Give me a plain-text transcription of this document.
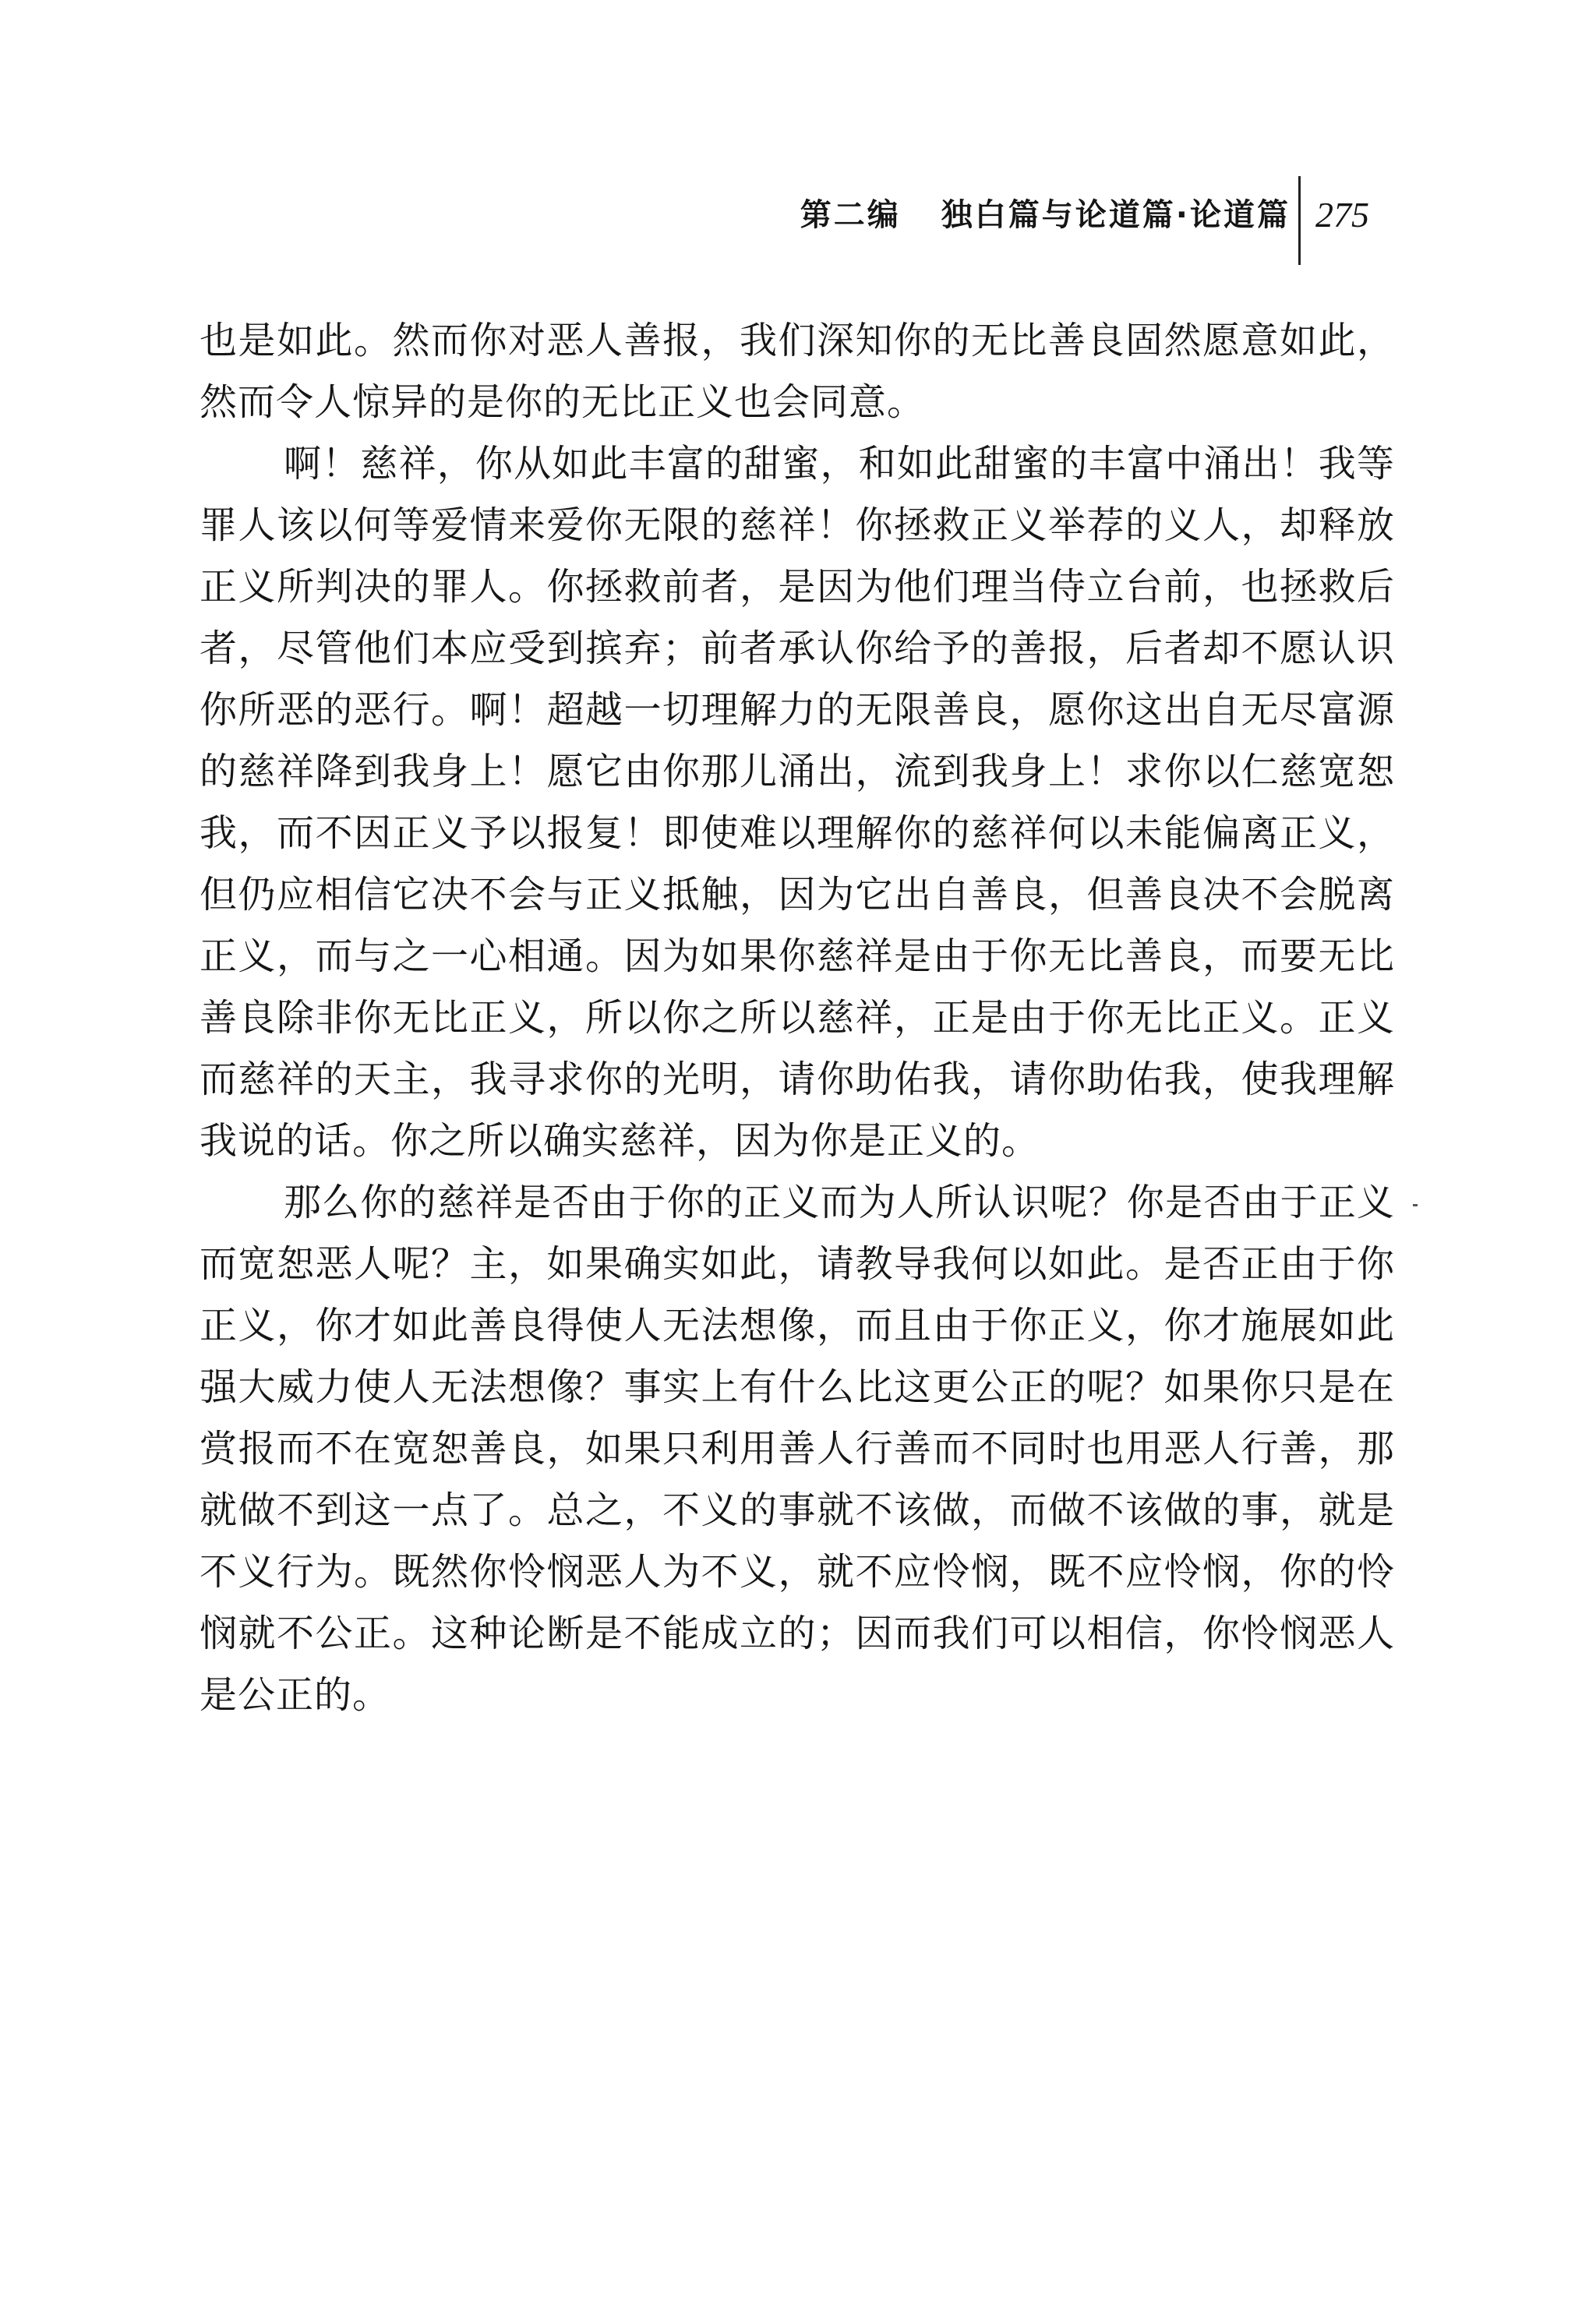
第二编 独白篇与论道篇·论道篇 275

也是如此。然而你对恶人善报，我们深知你的无比善良固然愿意如此，然而令人惊异的是你的无比正义也会同意。

啊！慈祥，你从如此丰富的甜蜜，和如此甜蜜的丰富中涌出！我等罪人该以何等爱情来爱你无限的慈祥！你拯救正义举荐的义人，却释放正义所判决的罪人。你拯救前者，是因为他们理当侍立台前，也拯救后者，尽管他们本应受到摈弃；前者承认你给予的善报，后者却不愿认识你所恶的恶行。啊！超越一切理解力的无限善良，愿你这出自无尽富源的慈祥降到我身上！愿它由你那儿涌出，流到我身上！求你以仁慈宽恕我，而不因正义予以报复！即使难以理解你的慈祥何以未能偏离正义，但仍应相信它决不会与正义抵触，因为它出自善良，但善良决不会脱离正义，而与之一心相通。因为如果你慈祥是由于你无比善良，而要无比善良除非你无比正义，所以你之所以慈祥，正是由于你无比正义。正义而慈祥的天主，我寻求你的光明，请你助佑我，请你助佑我，使我理解我说的话。你之所以确实慈祥，因为你是正义的。

那么你的慈祥是否由于你的正义而为人所认识呢？你是否由于正义而宽恕恶人呢？主，如果确实如此，请教导我何以如此。是否正由于你正义，你才如此善良得使人无法想像，而且由于你正义，你才施展如此强大威力使人无法想像？事实上有什么比这更公正的呢？如果你只是在赏报而不在宽恕善良，如果只利用善人行善而不同时也用恶人行善，那就做不到这一点了。总之，不义的事就不该做，而做不该做的事，就是不义行为。既然你怜悯恶人为不义，就不应怜悯，既不应怜悯，你的怜悯就不公正。这种论断是不能成立的；因而我们可以相信，你怜悯恶人是公正的。
